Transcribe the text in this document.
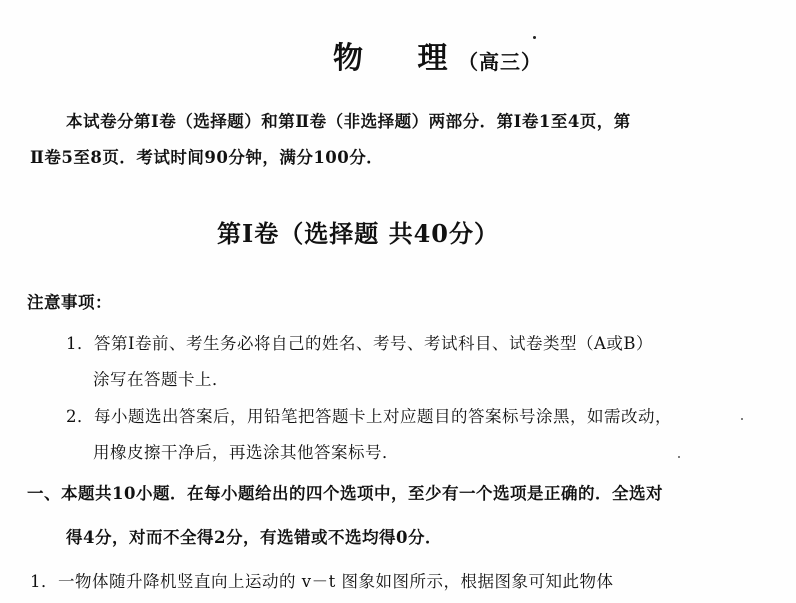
物 理
（高三）
本试卷分第Ⅰ卷（选择题）和第Ⅱ卷（非选择题）两部分．第Ⅰ卷1至4页，第
Ⅱ卷5至8页．考试时间90分钟，满分100分．
第Ⅰ卷（选择题 共40分）
注意事项：
1．答第Ⅰ卷前、考生务必将自己的姓名、考号、考试科目、试卷类型（A或B）
涂写在答题卡上．
2．每小题选出答案后，用铅笔把答题卡上对应题目的答案标号涂黑，如需改动，
用橡皮擦干净后，再选涂其他答案标号．
一、本题共10小题．在每小题给出的四个选项中，至少有一个选项是正确的．全选对
得4分，对而不全得2分，有选错或不选均得0分．
1．一物体随升降机竖直向上运动的 v－t 图象如图所示，根据图象可知此物体
